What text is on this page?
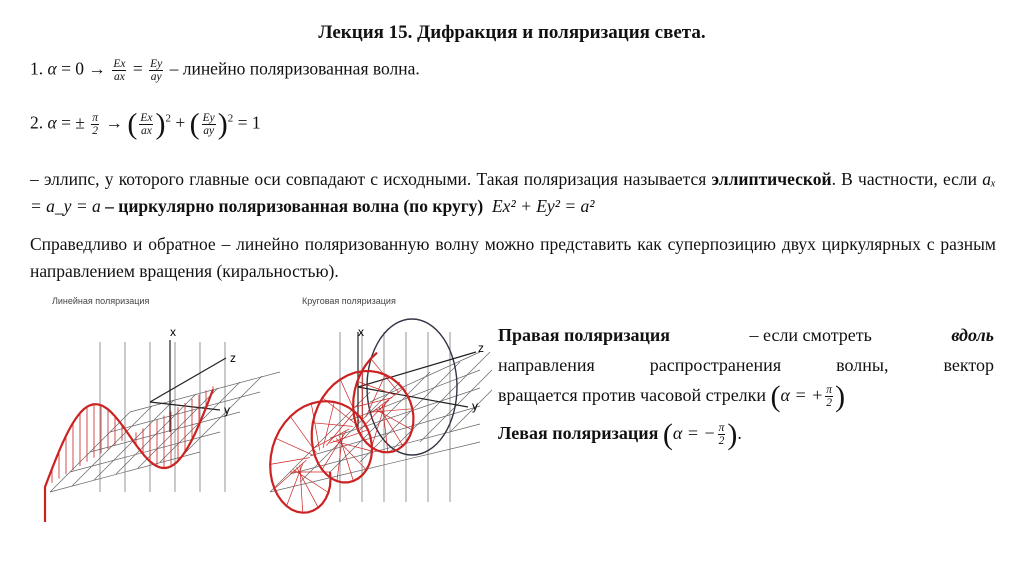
Лекция 15. Дифракция и поляризация света.
1. $\alpha = 0 \to \frac{Ex}{ax} = \frac{Ey}{ay}$ – линейно поляризованная волна.
2. α = ± $\frac{\pi}{2}$ → ( $\frac{Ex}{ax} )^2$ + ( $\frac{Ey}{ay} )^2 = 1$
– эллипс, у которого главные оси совпадают с исходными. Такая поляризация называется эллиптической. В частности, если aₓ = a_y = a – циркулярно поляризованная волна (по кругу) Ex² + Ey² = a²
Справедливо и обратное – линейно поляризованную волну можно представить как суперпозицию двух циркулярных с разным направлением вращения (киральностью).
Линейная поляризация	Круговая поляризация
x
z
y
x
z
y
Правая поляризация	– если смотреть	вдоль
направления распространения волны, вектор
вращается против часовой стрелки (α = + $\frac{\pi}{2}$ )
Левая поляризация (α = − $\frac{\pi}{2}$ ).
